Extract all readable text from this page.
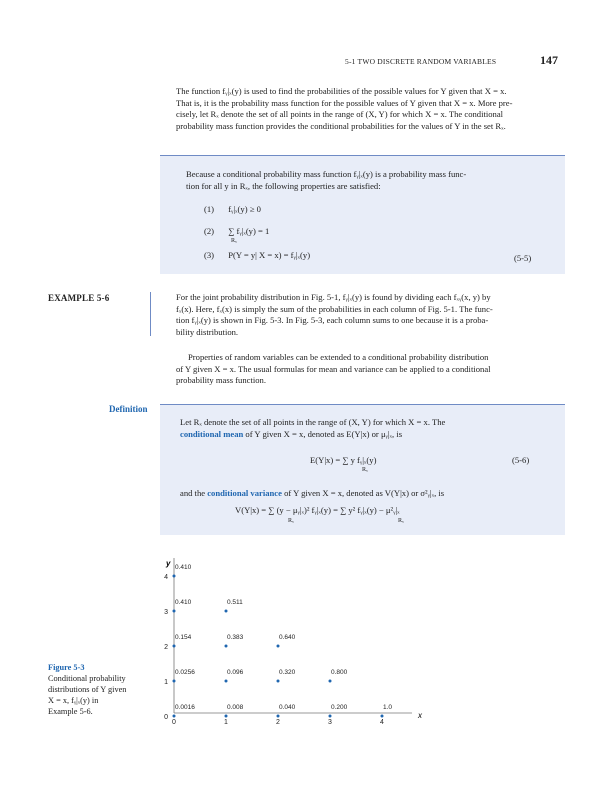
5-1 TWO DISCRETE RANDOM VARIABLES	147
The function fᵧ|ₓ(y) is used to find the probabilities of the possible values for Y given that X = x.
That is, it is the probability mass function for the possible values of Y given that X = x. More pre-
cisely, let Rₓ denote the set of all points in the range of (X, Y) for which X = x. The conditional
probability mass function provides the conditional probabilities for the values of Y in the set Rₓ.

Because a conditional probability mass function fᵧ|ₓ(y) is a probability mass func-

tion for all y in Rₓ, the following properties are satisfied:

(1) fᵧ|ₓ(y) ≥ 0
(2) ∑ fᵧ|ₓ(y) = 1
Rₓ
(3) P(Y = y| X = x) = fᵧ|ₓ(y)	(5-5)
EXAMPLE 5-6	For the joint probability distribution in Fig. 5-1, fᵧ|ₓ(y) is found by dividing each fₓᵧ(x, y) by
fₓ(x). Here, fₓ(x) is simply the sum of the probabilities in each column of Fig. 5-1. The func-
tion fᵧ|ₓ(y) is shown in Fig. 5-3. In Fig. 5-3, each column sums to one because it is a proba-
bility distribution.
Properties of random variables can be extended to a conditional probability distribution
of Y given X = x. The usual formulas for mean and variance can be applied to a conditional
probability mass function.
Definition
Let Rₓ denote the set of all points in the range of (X, Y) for which X = x. The
conditional mean of Y given X = x, denoted as E(Y|x) or μᵧ|ₓ, is
E(Y|x) = ∑ y fᵧ|ₓ(y)
Rₓ
(5-6)
and the conditional variance of Y given X = x, denoted as V(Y|x) or σ²ᵧ|ₓ, is
V(Y|x) = ∑ (y − μᵧ|ₓ)² fᵧ|ₓ(y) = ∑ y² fᵧ|ₓ(y) − μ²ᵧ|ₓ
Rₓ	Rₓ
Figure 5-3
Conditional probability
distributions of Y given
X = x, fᵧ|ₓ(y) in
Example 5-6.
y
x
0	1	2	3	4
0
1
2
3
4
0.0016
0.0256
0.154
0.410
0.410
0.008
0.096
0.383
0.511
0.040
0.320
0.640
0.200
0.800
1.0
